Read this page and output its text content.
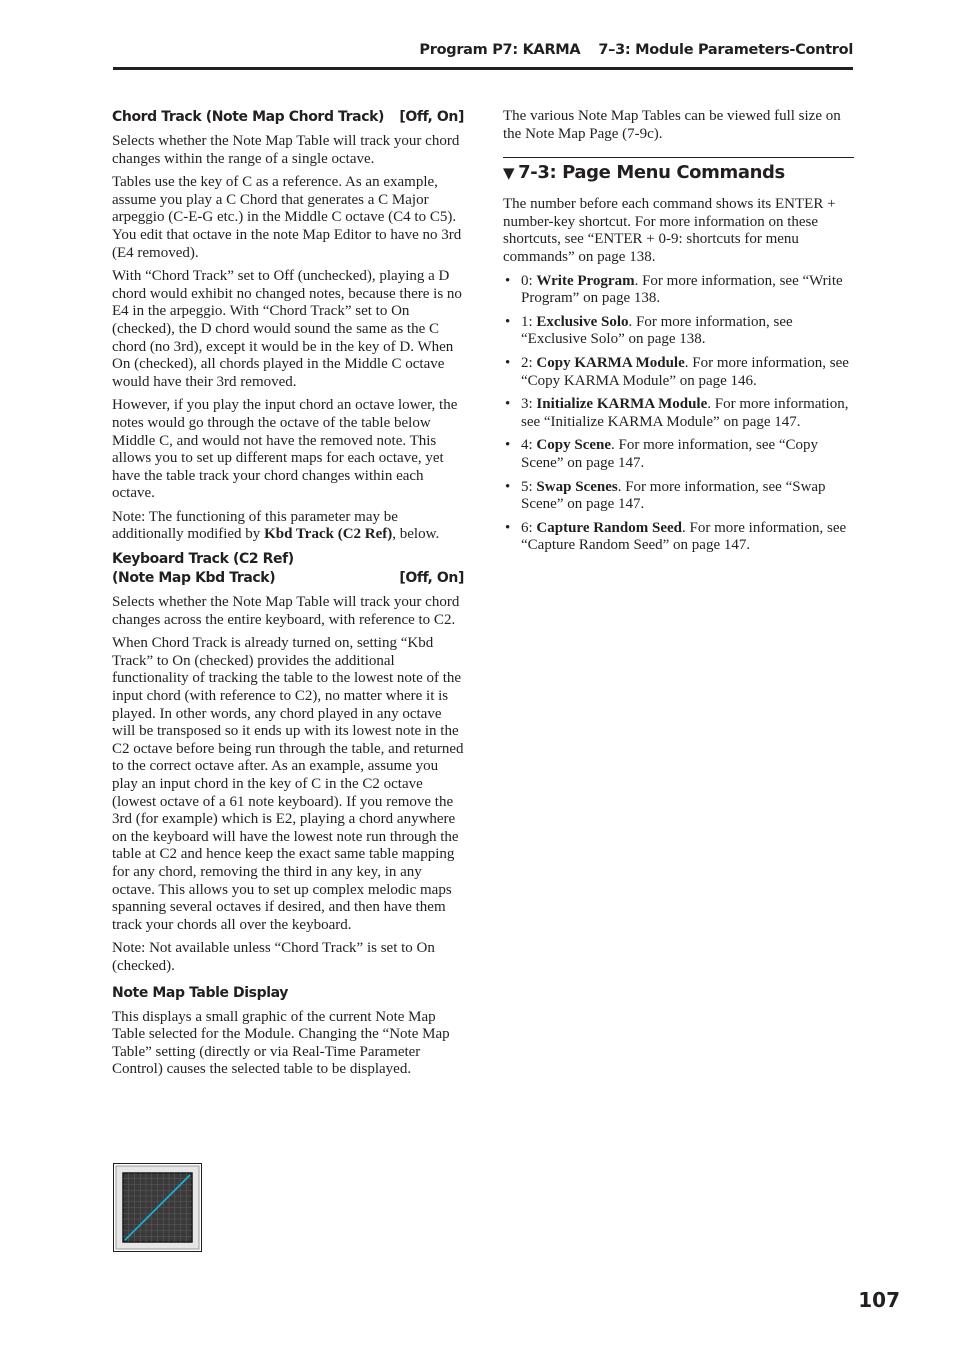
Program P7: KARMA 7–3: Module Parameters-Control
Chord Track (Note Map Chord Track) [Off, On]

Selects whether the Note Map Table will track your chord changes within the range of a single octave.

Tables use the key of C as a reference. As an example, assume you play a C Chord that generates a C Major arpeggio (C-E-G etc.) in the Middle C octave (C4 to C5). You edit that octave in the note Map Editor to have no 3rd (E4 removed).

With “Chord Track” set to Off (unchecked), playing a D chord would exhibit no changed notes, because there is no E4 in the arpeggio. With “Chord Track” set to On (checked), the D chord would sound the same as the C chord (no 3rd), except it would be in the key of D. When On (checked), all chords played in the Middle C octave would have their 3rd removed.

However, if you play the input chord an octave lower, the notes would go through the octave of the table below Middle C, and would not have the removed note. This allows you to set up different maps for each octave, yet have the table track your chord changes within each octave.

Note: The functioning of this parameter may be additionally modified by Kbd Track (C2 Ref), below.

Keyboard Track (C2 Ref)
(Note Map Kbd Track)	[Off, On]

Selects whether the Note Map Table will track your chord changes across the entire keyboard, with reference to C2.

When Chord Track is already turned on, setting “Kbd Track” to On (checked) provides the additional functionality of tracking the table to the lowest note of the input chord (with reference to C2), no matter where it is played. In other words, any chord played in any octave will be transposed so it ends up with its lowest note in the C2 octave before being run through the table, and returned to the correct octave after. As an example, assume you play an input chord in the key of C in the C2 octave (lowest octave of a 61 note keyboard). If you remove the 3rd (for example) which is E2, playing a chord anywhere on the keyboard will have the lowest note run through the table at C2 and hence keep the exact same table mapping for any chord, removing the third in any key, in any octave. This allows you to set up complex melodic maps spanning several octaves if desired, and then have them track your chords all over the keyboard.

Note: Not available unless “Chord Track” is set to On (checked).

Note Map Table Display

This displays a small graphic of the current Note Map Table selected for the Module. Changing the “Note Map Table” setting (directly or via Real-Time Parameter Control) causes the selected table to be displayed.

The various Note Map Tables can be viewed full size on the Note Map Page (7-9c).

▼ 7-3: Page Menu Commands

The number before each command shows its ENTER + number-key shortcut. For more information on these shortcuts, see “ENTER + 0-9: shortcuts for menu commands” on page 138.

• 0: Write Program. For more information, see “Write Program” on page 138.
• 1: Exclusive Solo. For more information, see “Exclusive Solo” on page 138.
• 2: Copy KARMA Module. For more information, see “Copy KARMA Module” on page 146.
• 3: Initialize KARMA Module. For more information, see “Initialize KARMA Module” on page 147.
• 4: Copy Scene. For more information, see “Copy Scene” on page 147.
• 5: Swap Scenes. For more information, see “Swap Scene” on page 147.
• 6: Capture Random Seed. For more information, see “Capture Random Seed” on page 147.
107
